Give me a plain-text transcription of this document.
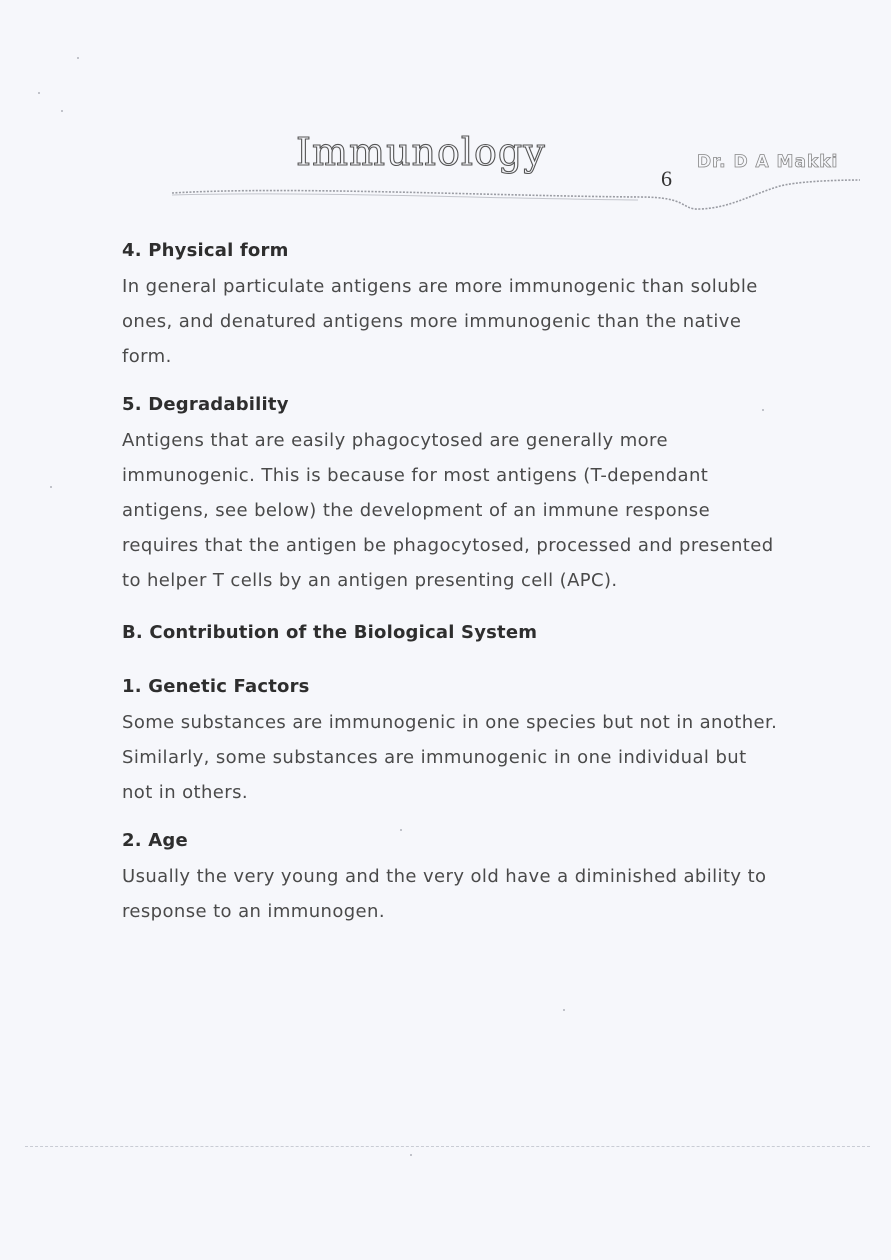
Immunology
6
Dr. D A Makki
4. Physical form

In general particulate antigens are more immunogenic than soluble ones, and denatured antigens more immunogenic than the native form.

5. Degradability

Antigens that are easily phagocytosed are generally more immunogenic. This is because for most antigens (T-dependant antigens, see below) the development of an immune response requires that the antigen be phagocytosed, processed and presented to helper T cells by an antigen presenting cell (APC).

B. Contribution of the Biological System
1. Genetic Factors

Some substances are immunogenic in one species but not in another. Similarly, some substances are immunogenic in one individual but not in others.

2. Age

Usually the very young and the very old have a diminished ability to response to an immunogen.
